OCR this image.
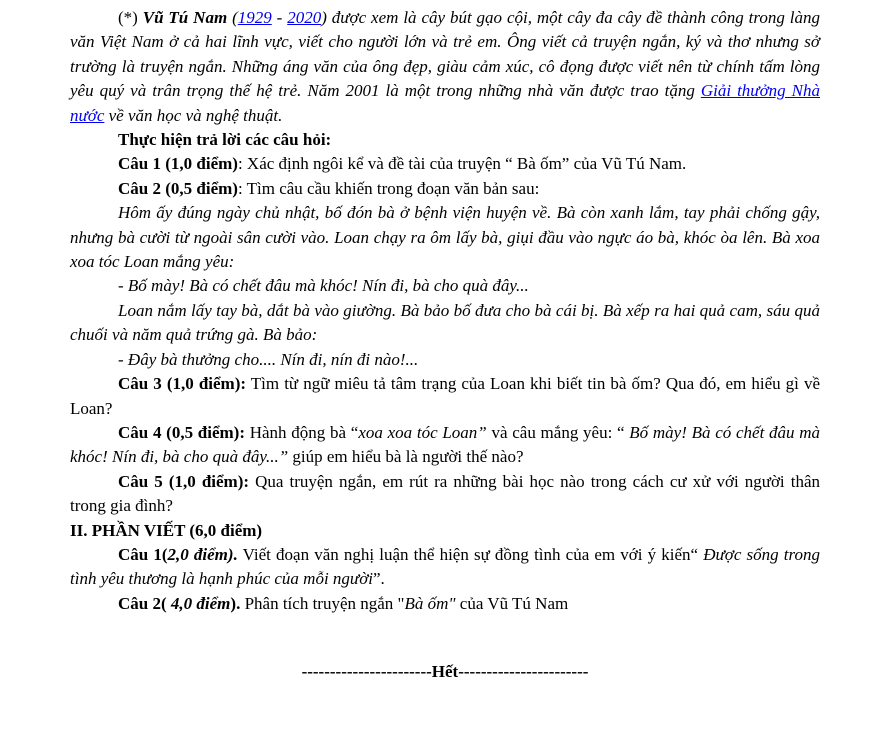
(*) Vũ Tú Nam (1929 - 2020) được xem là cây bút gạo cội, một cây đa cây đề thành công trong làng văn Việt Nam ở cả hai lĩnh vực, viết cho người lớn và trẻ em. Ông viết cả truyện ngắn, ký và thơ nhưng sở trường là truyện ngắn. Những áng văn của ông đẹp, giàu cảm xúc, cô đọng được viết nên từ chính tấm lòng yêu quý và trân trọng thế hệ trẻ. Năm 2001 là một trong những nhà văn được trao tặng Giải thưởng Nhà nước về văn học và nghệ thuật.

Thực hiện trả lời các câu hỏi:

Câu 1 (1,0 điểm): Xác định ngôi kể và đề tài của truyện “ Bà ốm” của Vũ Tú Nam.

Câu 2 (0,5 điểm): Tìm câu cầu khiến trong đoạn văn bản sau:

Hôm ấy đúng ngày chủ nhật, bố đón bà ở bệnh viện huyện về. Bà còn xanh lắm, tay phải chống gậy, nhưng bà cười từ ngoài sân cười vào. Loan chạy ra ôm lấy bà, giụi đầu vào ngực áo bà, khóc òa lên. Bà xoa xoa tóc Loan mắng yêu:

- Bố mày! Bà có chết đâu mà khóc! Nín đi, bà cho quà đây...

Loan nắm lấy tay bà, dắt bà vào giường. Bà bảo bố đưa cho bà cái bị. Bà xếp ra hai quả cam, sáu quả chuối và năm quả trứng gà. Bà bảo:

- Đây bà thưởng cho.... Nín đi, nín đi nào!...

Câu 3 (1,0 điểm): Tìm từ ngữ miêu tả tâm trạng của Loan khi biết tin bà ốm? Qua đó, em hiểu gì về Loan?

Câu 4 (0,5 điểm): Hành động bà “xoa xoa tóc Loan” và câu mắng yêu: “ Bố mày! Bà có chết đâu mà khóc! Nín đi, bà cho quà đây...” giúp em hiểu bà là người thế nào?

Câu 5 (1,0 điểm): Qua truyện ngắn, em rút ra những bài học nào trong cách cư xử với người thân trong gia đình?

II. PHẦN VIẾT (6,0 điểm)

Câu 1(2,0 điểm). Viết đoạn văn nghị luận thể hiện sự đồng tình của em với ý kiến“ Được sống trong tình yêu thương là hạnh phúc của mỗi người”.

Câu 2( 4,0 điểm). Phân tích truyện ngắn "Bà ốm" của Vũ Tú Nam

-----------------------Hết-----------------------
